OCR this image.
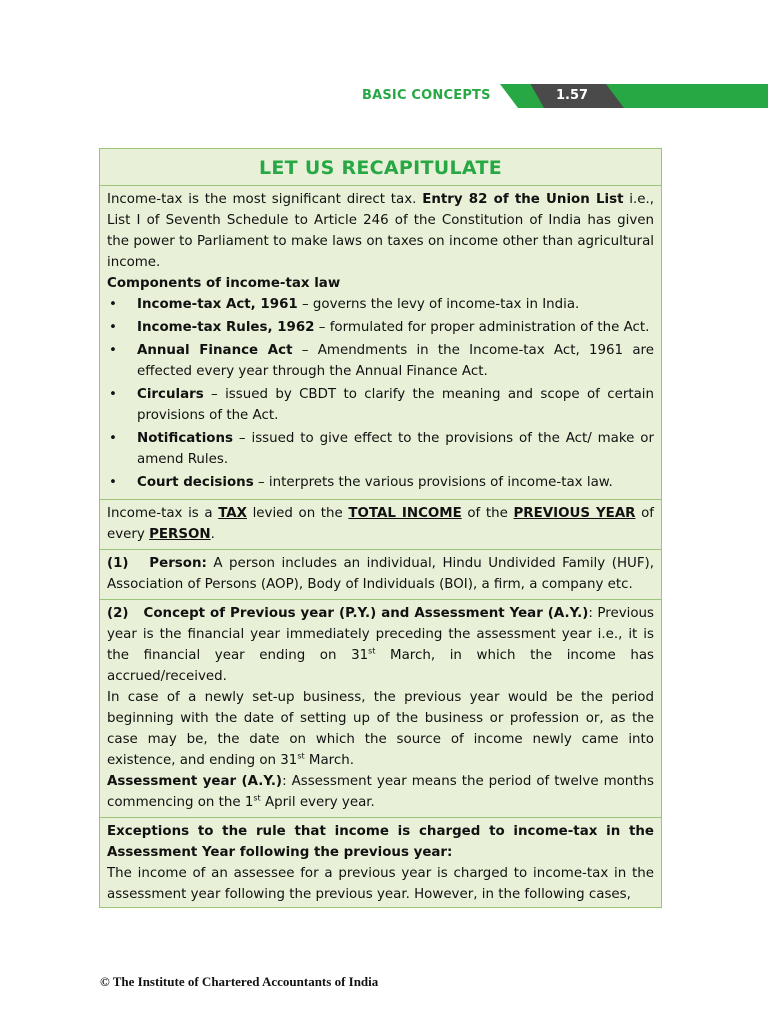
BASIC CONCEPTS	1.57
LET US RECAPITULATE

Income-tax is the most significant direct tax. Entry 82 of the Union List i.e., List I of Seventh Schedule to Article 246 of the Constitution of India has given the power to Parliament to make laws on taxes on income other than agricultural income.

Components of income-tax law

• Income-tax Act, 1961 – governs the levy of income-tax in India.
• Income-tax Rules, 1962 – formulated for proper administration of the Act.
• Annual Finance Act – Amendments in the Income-tax Act, 1961 are effected every year through the Annual Finance Act.
• Circulars – issued by CBDT to clarify the meaning and scope of certain provisions of the Act.
• Notifications – issued to give effect to the provisions of the Act/ make or amend Rules.
• Court decisions – interprets the various provisions of income-tax law.

Income-tax is a TAX levied on the TOTAL INCOME of the PREVIOUS YEAR of every PERSON.

(1)   Person: A person includes an individual, Hindu Undivided Family (HUF), Association of Persons (AOP), Body of Individuals (BOI), a firm, a company etc.

(2)   Concept of Previous year (P.Y.) and Assessment Year (A.Y.): Previous year is the financial year immediately preceding the assessment year i.e., it is the financial year ending on 31st March, in which the income has accrued/received.

In case of a newly set-up business, the previous year would be the period beginning with the date of setting up of the business or profession or, as the case may be, the date on which the source of income newly came into existence, and ending on 31st March.

Assessment year (A.Y.): Assessment year means the period of twelve months commencing on the 1st April every year.

Exceptions to the rule that income is charged to income-tax in the Assessment Year following the previous year:

The income of an assessee for a previous year is charged to income-tax in the assessment year following the previous year. However, in the following cases,

© The Institute of Chartered Accountants of India
